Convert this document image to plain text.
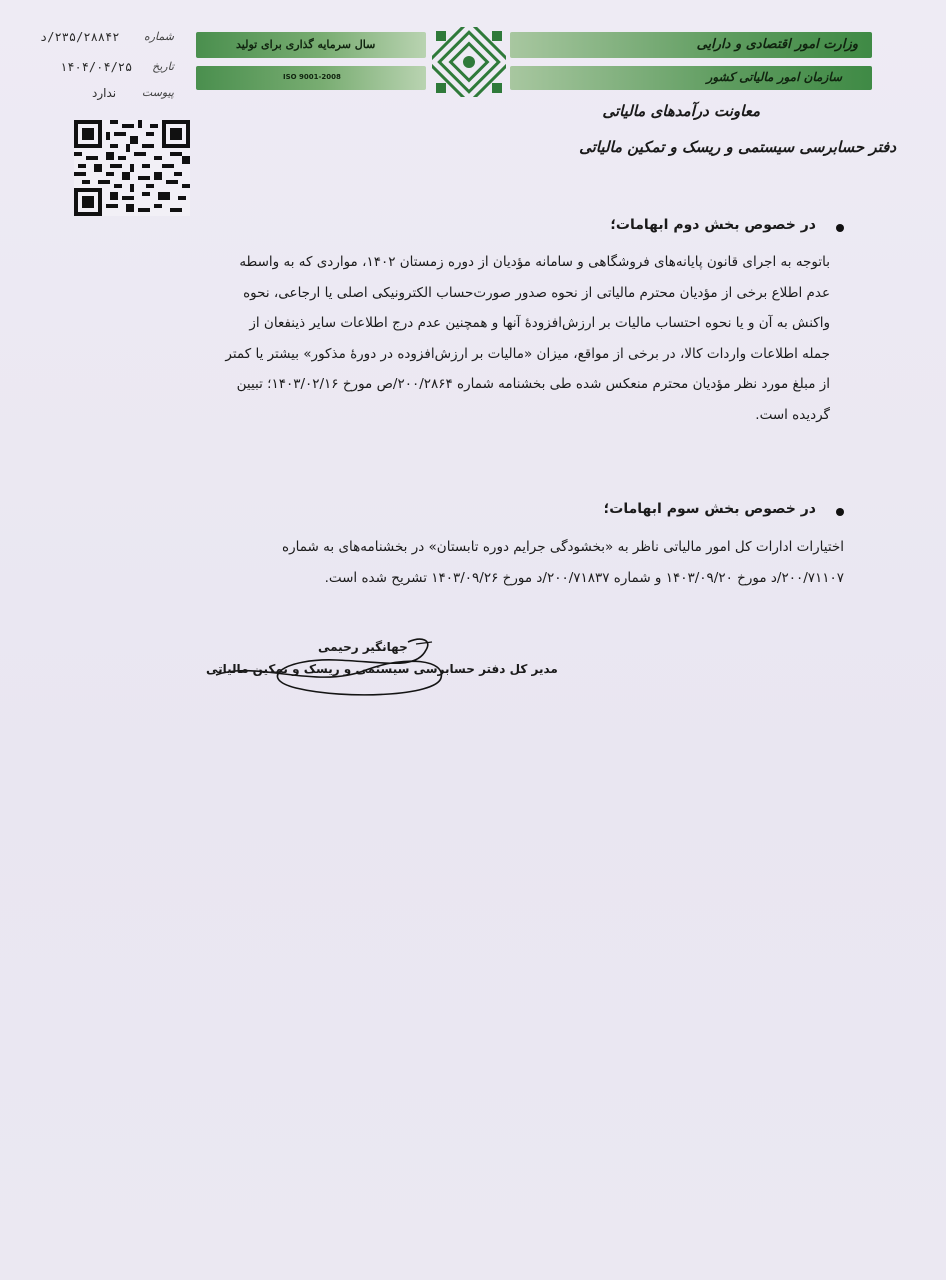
وزارت امور اقتصادی و دارایی
سازمان امور مالیاتی کشور
سال سرمایه گذاری برای تولید
ISO 9001-2008
معاونت درآمدهای مالیاتی
دفتر حسابرسی سیستمی و ریسک و تمکین مالیاتی
شماره
۲۳۵/۲۸۸۴۲/د
تاریخ
۱۴۰۴/۰۴/۲۵
پیوست
ندارد
در خصوص بخش دوم ابهامات؛

باتوجه به اجرای قانون پایانه‌های فروشگاهی و سامانه مؤدیان از دوره زمستان ۱۴۰۲، مواردی که به واسطه

عدم اطلاع برخی از مؤدیان محترم مالیاتی از نحوه صدور صورت‌حساب الکترونیکی اصلی یا ارجاعی، نحوه

واکنش به آن و یا نحوه احتساب مالیات بر ارزش‌افزودهٔ آنها و همچنین عدم درج اطلاعات سایر ذینفعان از

جمله اطلاعات واردات کالا، در برخی از مواقع، میزان «مالیات بر ارزش‌افزوده در دورهٔ مذکور» بیشتر یا کمتر

از مبلغ مورد نظر مؤدیان محترم منعکس شده طی بخشنامه شماره ۲۰۰/۲۸۶۴/ص مورخ ۱۴۰۳/۰۲/۱۶؛ تبیین

گردیده است.

در خصوص بخش سوم ابهامات؛

اختیارات ادارات کل امور مالیاتی ناظر به «بخشودگی جرایم دوره تابستان» در بخشنامه‌های به شماره

۲۰۰/۷۱۱۰۷/د مورخ ۱۴۰۳/۰۹/۲۰ و شماره ۲۰۰/۷۱۸۳۷/د مورخ ۱۴۰۳/۰۹/۲۶ تشریح شده است.

جهانگیر رحیمی
مدیر کل دفتر حسابرسی سیستمی و ریسک و تمکین مالیاتی
